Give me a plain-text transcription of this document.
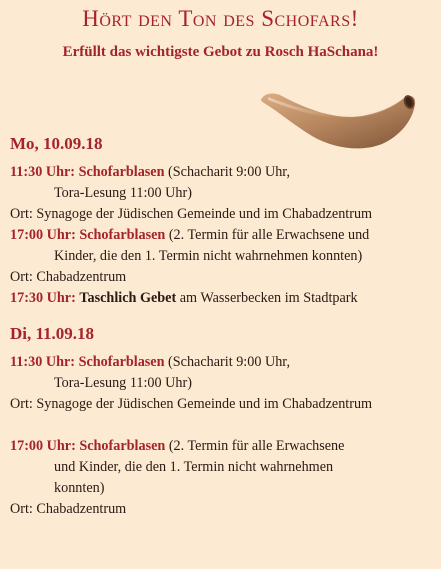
Hört den Ton des Schofars!
Erfüllt das wichtigste Gebot zu Rosch HaSchana!
Mo, 10.09.18
11:30 Uhr: Schofarblasen (Schacharit 9:00 Uhr,
Tora-Lesung 11:00 Uhr)
Ort: Synagoge der Jüdischen Gemeinde und im Chabadzentrum
17:00 Uhr: Schofarblasen (2. Termin für alle Erwachsene und
Kinder, die den 1. Termin nicht wahrnehmen konnten)
Ort: Chabadzentrum
17:30 Uhr: Taschlich Gebet am Wasserbecken im Stadtpark
Di, 11.09.18
11:30 Uhr: Schofarblasen (Schacharit 9:00 Uhr,
Tora-Lesung 11:00 Uhr)
Ort: Synagoge der Jüdischen Gemeinde und im Chabadzentrum
17:00 Uhr: Schofarblasen (2. Termin für alle Erwachsene
und Kinder, die den 1. Termin nicht wahrnehmen
konnten)
Ort: Chabadzentrum
